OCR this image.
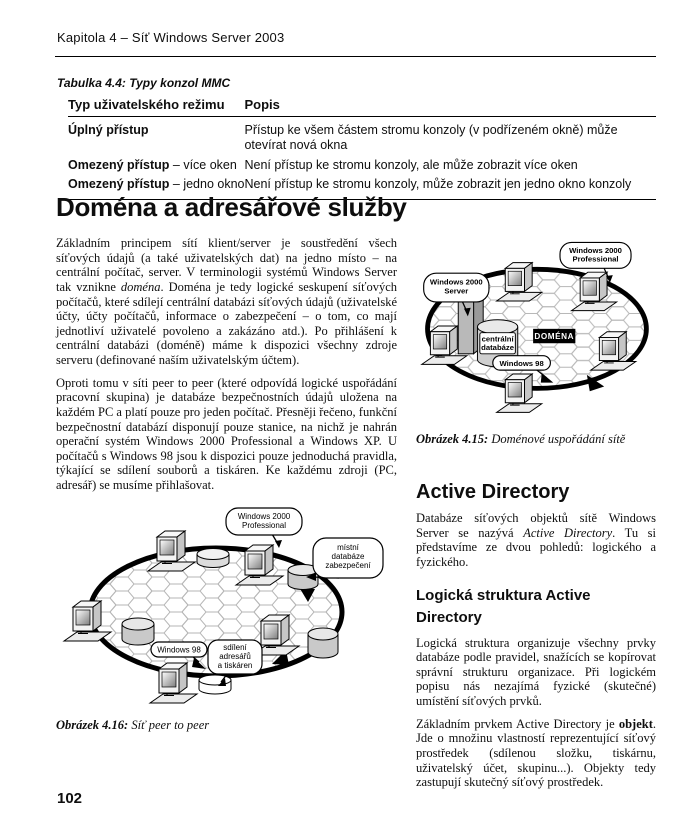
Kapitola 4 – Síť Windows Server 2003
Tabulka 4.4: Typy konzol MMC
Typ uživatelského režimu	Popis
Úplný přístup	Přístup ke všem částem stromu konzoly (v podřízeném okně) může otevírat nová okna
Omezený přístup – více oken	Není přístup ke stromu konzoly, ale může zobrazit více oken
Omezený přístup – jedno okno	Není přístup ke stromu konzoly, může zobrazit jen jedno okno konzoly
Doména a adresářové služby

Základním principem sítí klient/server je soustředění všech síťových údajů (a také uživatelských dat) na jedno místo – na centrální počítač, server. V terminologii systémů Windows Server tak vznikne doména. Doména je tedy logické seskupení síťových počítačů, které sdílejí centrální databázi síťových údajů (uživatelské účty, účty počítačů, informace o zabezpečení – o tom, co mají jednotliví uživatelé povoleno a zakázáno atd.). Po přihlášení k centrální databázi (doméně) máme k dispozici všechny zdroje serveru (definované naším uživatelským účtem).

Oproti tomu v síti peer to peer (které odpovídá logické uspořádání pracovní skupina) je databáze bezpečnostních údajů uložena na každém PC a platí pouze pro jeden počítač. Přesněji řečeno, funkční bezpečnostní databází disponují pouze stanice, na nichž je nahrán operační systém Windows 2000 Professional a Windows XP. U počítačů s Windows 98 jsou k dispozici pouze jednoduchá pravidla, týkající se sdílení souborů a tiskáren. Ke každému zdroji (PC, adresář) se musíme přihlašovat.

Windows 2000
Professional
místní
databáze
zabezpečení
Windows 98	sdílení
adresářů
a tiskáren
Obrázek 4.16: Síť peer to peer
centrální
databáze
DOMÉNA
Windows 2000
Server
Windows 2000
Professional
Windows 98
Obrázek 4.15: Doménové uspořádání sítě
Active Directory

Databáze síťových objektů sítě Windows Server se nazývá Active Directory. Tu si představíme ze dvou pohledů: logického a fyzického.

Logická struktura Active Directory

Logická struktura organizuje všechny prvky databáze podle pravidel, snažících se kopírovat správní strukturu organizace. Při logickém popisu nás nezajímá fyzické (skutečné) umístění síťových prvků.

Základním prvkem Active Directory je objekt. Jde o množinu vlastností reprezentující síťový prostředek (sdílenou složku, tiskárnu, uživatelský účet, skupinu...). Objekty tedy zastupují skutečný síťový prostředek.

102
